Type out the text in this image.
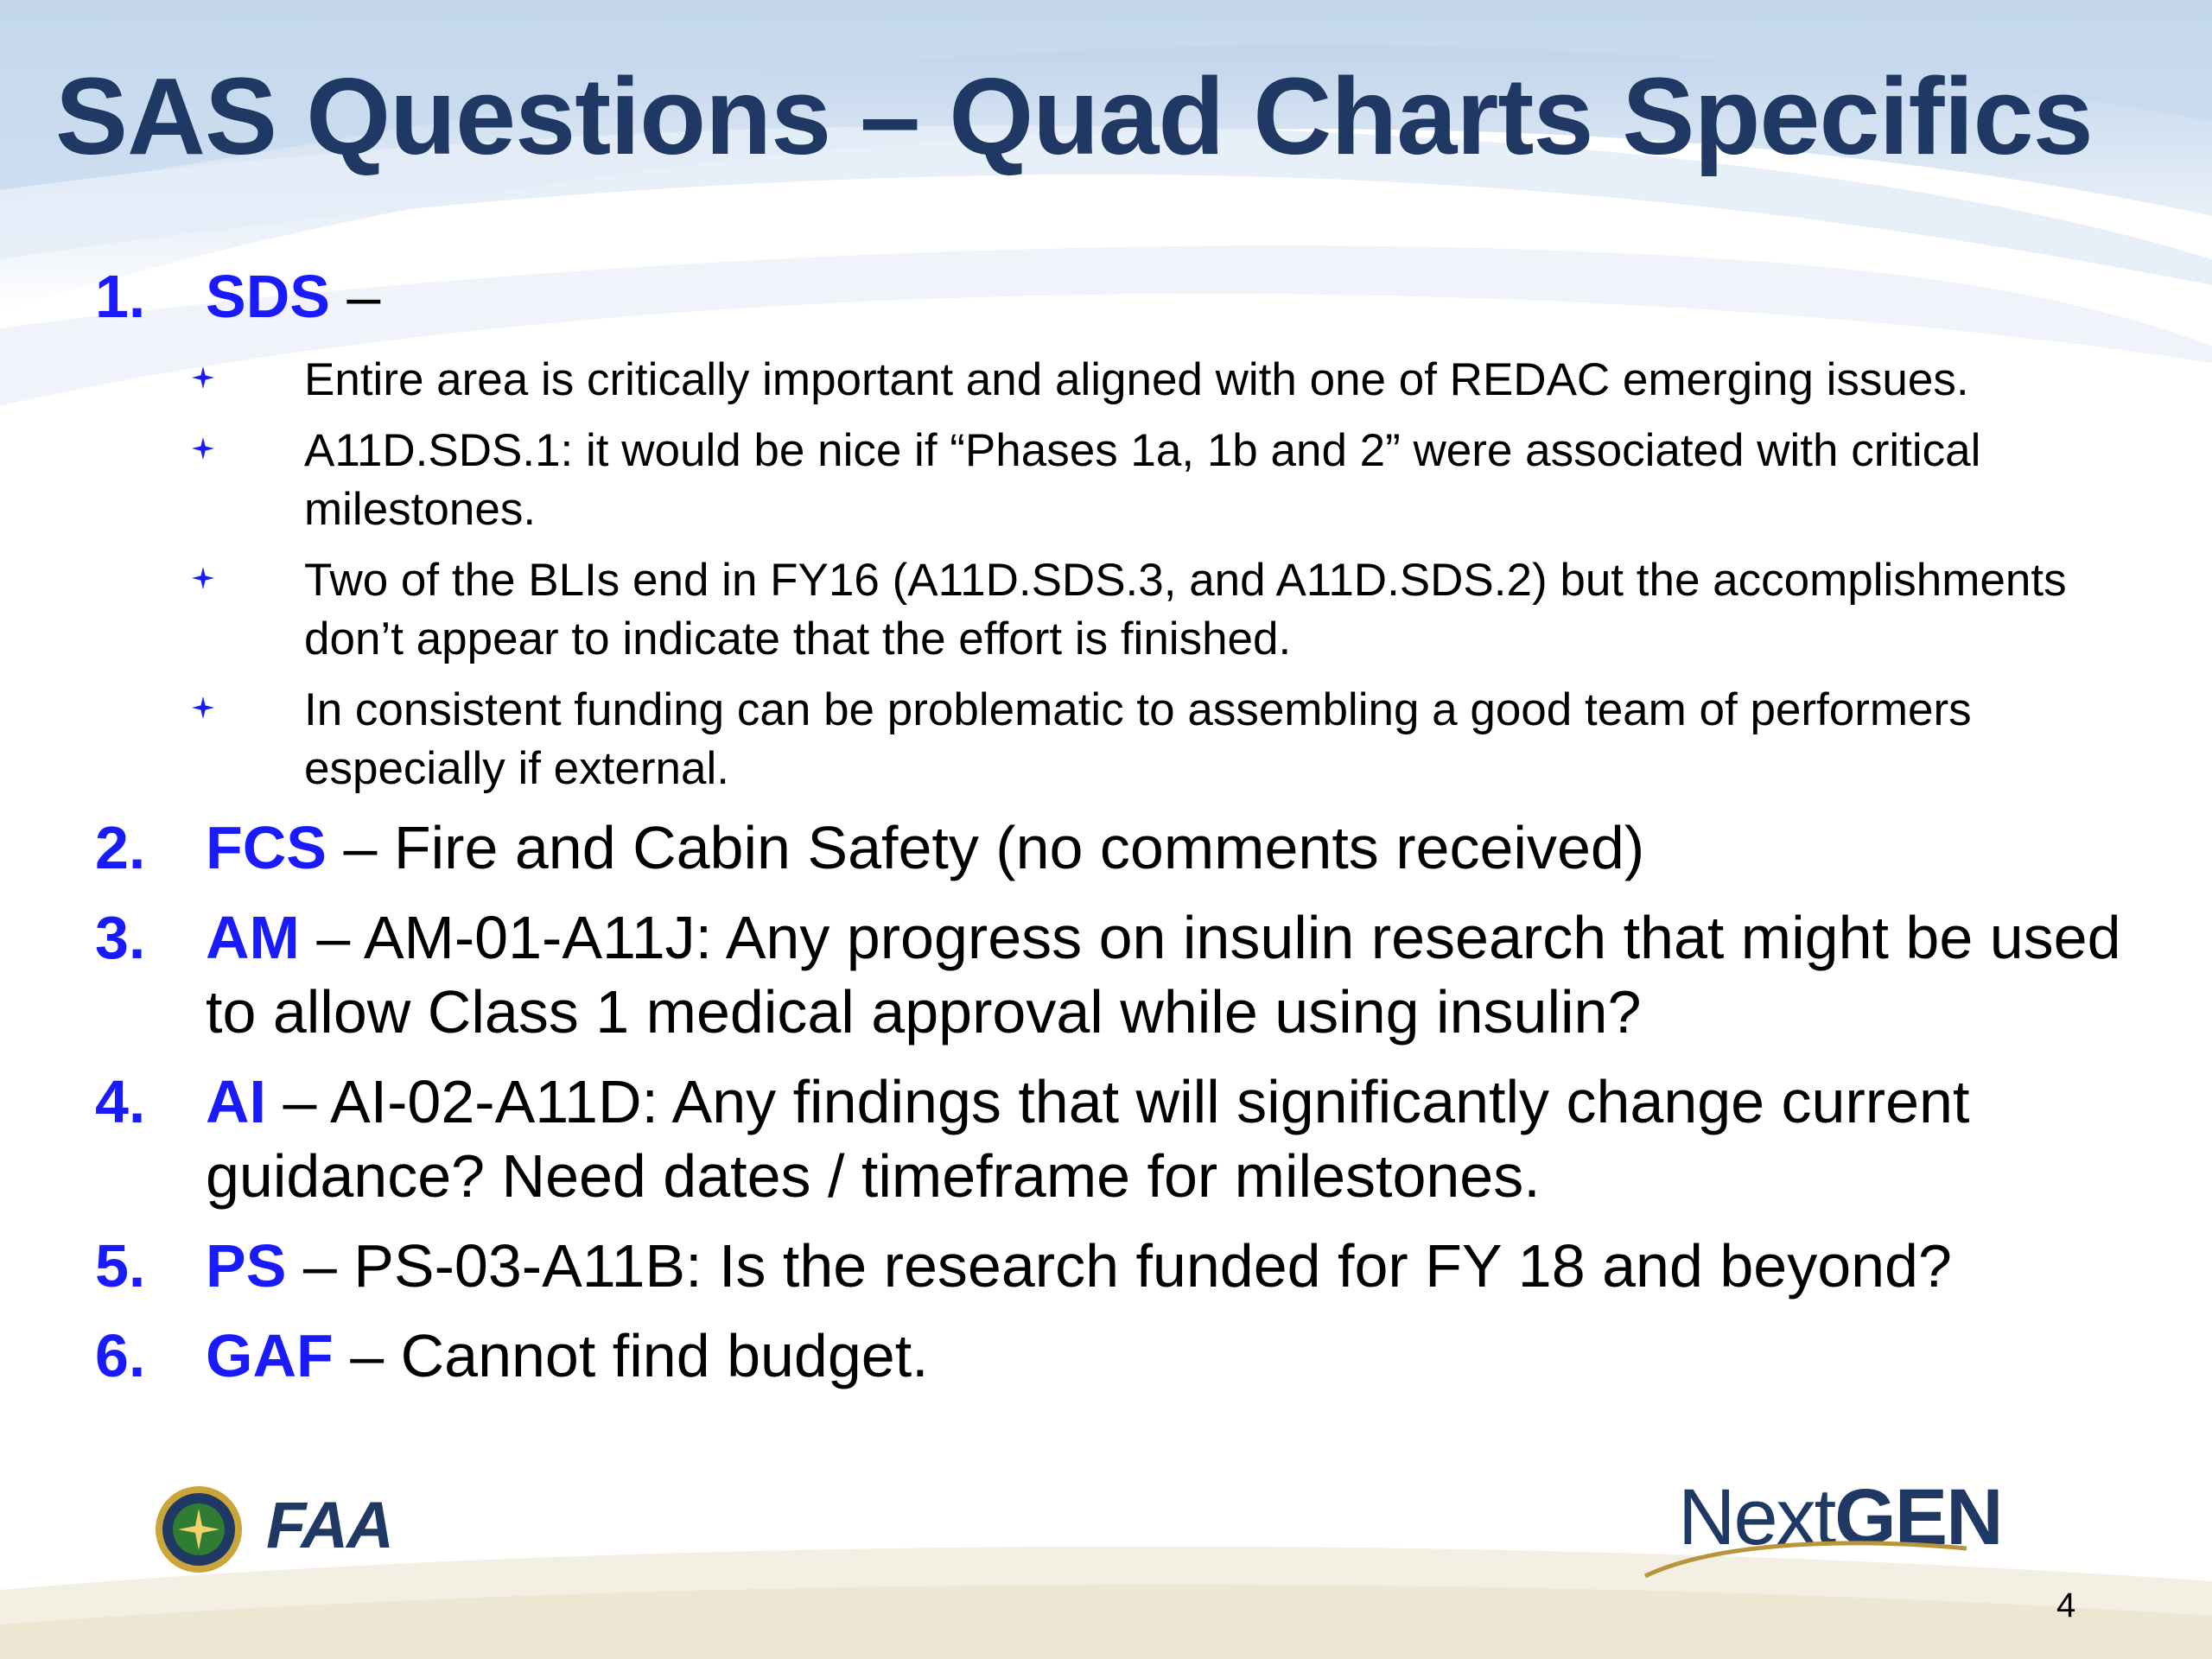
SAS Questions – Quad Charts Specifics
1. SDS –
Entire area is critically important and aligned with one of REDAC emerging issues.
A11D.SDS.1: it would be nice if “Phases 1a, 1b and 2” were associated with critical milestones.
Two of the BLIs end in FY16 (A11D.SDS.3, and A11D.SDS.2) but the accomplishments don’t appear to indicate that the effort is finished.
In consistent funding can be problematic to assembling a good team of performers especially if external.
2. FCS – Fire and Cabin Safety (no comments received)
3. AM – AM-01-A11J: Any progress on insulin research that might be used to allow Class 1 medical approval while using insulin?
4. AI – AI-02-A11D: Any findings that will significantly change current guidance? Need dates / timeframe for milestones.
5. PS – PS-03-A11B: Is the research funded for FY 18 and beyond?
6. GAF – Cannot find budget.
FAA	NextGEN
4
